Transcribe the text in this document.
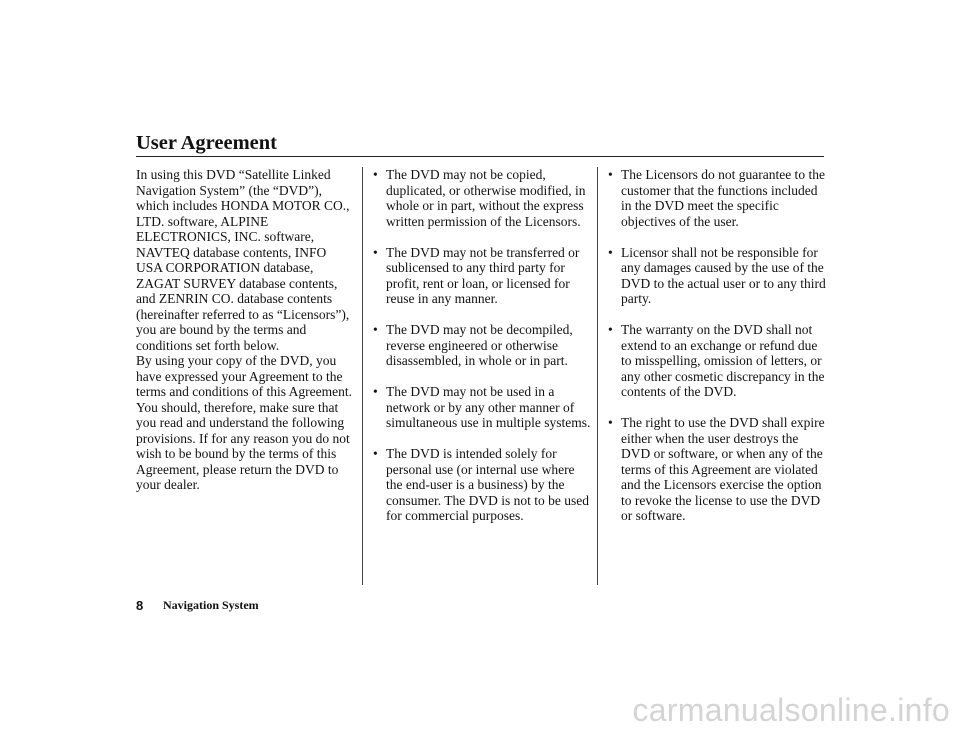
User Agreement
In using this DVD “Satellite Linked
Navigation System” (the “DVD”),
which includes HONDA MOTOR CO.,
LTD. software, ALPINE
ELECTRONICS, INC. software,
NAVTEQ database contents, INFO
USA CORPORATION database,
ZAGAT SURVEY database contents,
and ZENRIN CO. database contents
(hereinafter referred to as “Licensors”),
you are bound by the terms and
conditions set forth below.
By using your copy of the DVD, you
have expressed your Agreement to the
terms and conditions of this Agreement.
You should, therefore, make sure that
you read and understand the following
provisions. If for any reason you do not
wish to be bound by the terms of this
Agreement, please return the DVD to
your dealer.
• The DVD may not be copied,
duplicated, or otherwise modified, in
whole or in part, without the express
written permission of the Licensors.
• The DVD may not be transferred or
sublicensed to any third party for
profit, rent or loan, or licensed for
reuse in any manner.
• The DVD may not be decompiled,
reverse engineered or otherwise
disassembled, in whole or in part.
• The DVD may not be used in a
network or by any other manner of
simultaneous use in multiple systems.
• The DVD is intended solely for
personal use (or internal use where
the end-user is a business) by the
consumer. The DVD is not to be used
for commercial purposes.
• The Licensors do not guarantee to the
customer that the functions included
in the DVD meet the specific
objectives of the user.
• Licensor shall not be responsible for
any damages caused by the use of the
DVD to the actual user or to any third
party.
• The warranty on the DVD shall not
extend to an exchange or refund due
to misspelling, omission of letters, or
any other cosmetic discrepancy in the
contents of the DVD.
• The right to use the DVD shall expire
either when the user destroys the
DVD or software, or when any of the
terms of this Agreement are violated
and the Licensors exercise the option
to revoke the license to use the DVD
or software.
8 Navigation System
carmanualsonline.info
